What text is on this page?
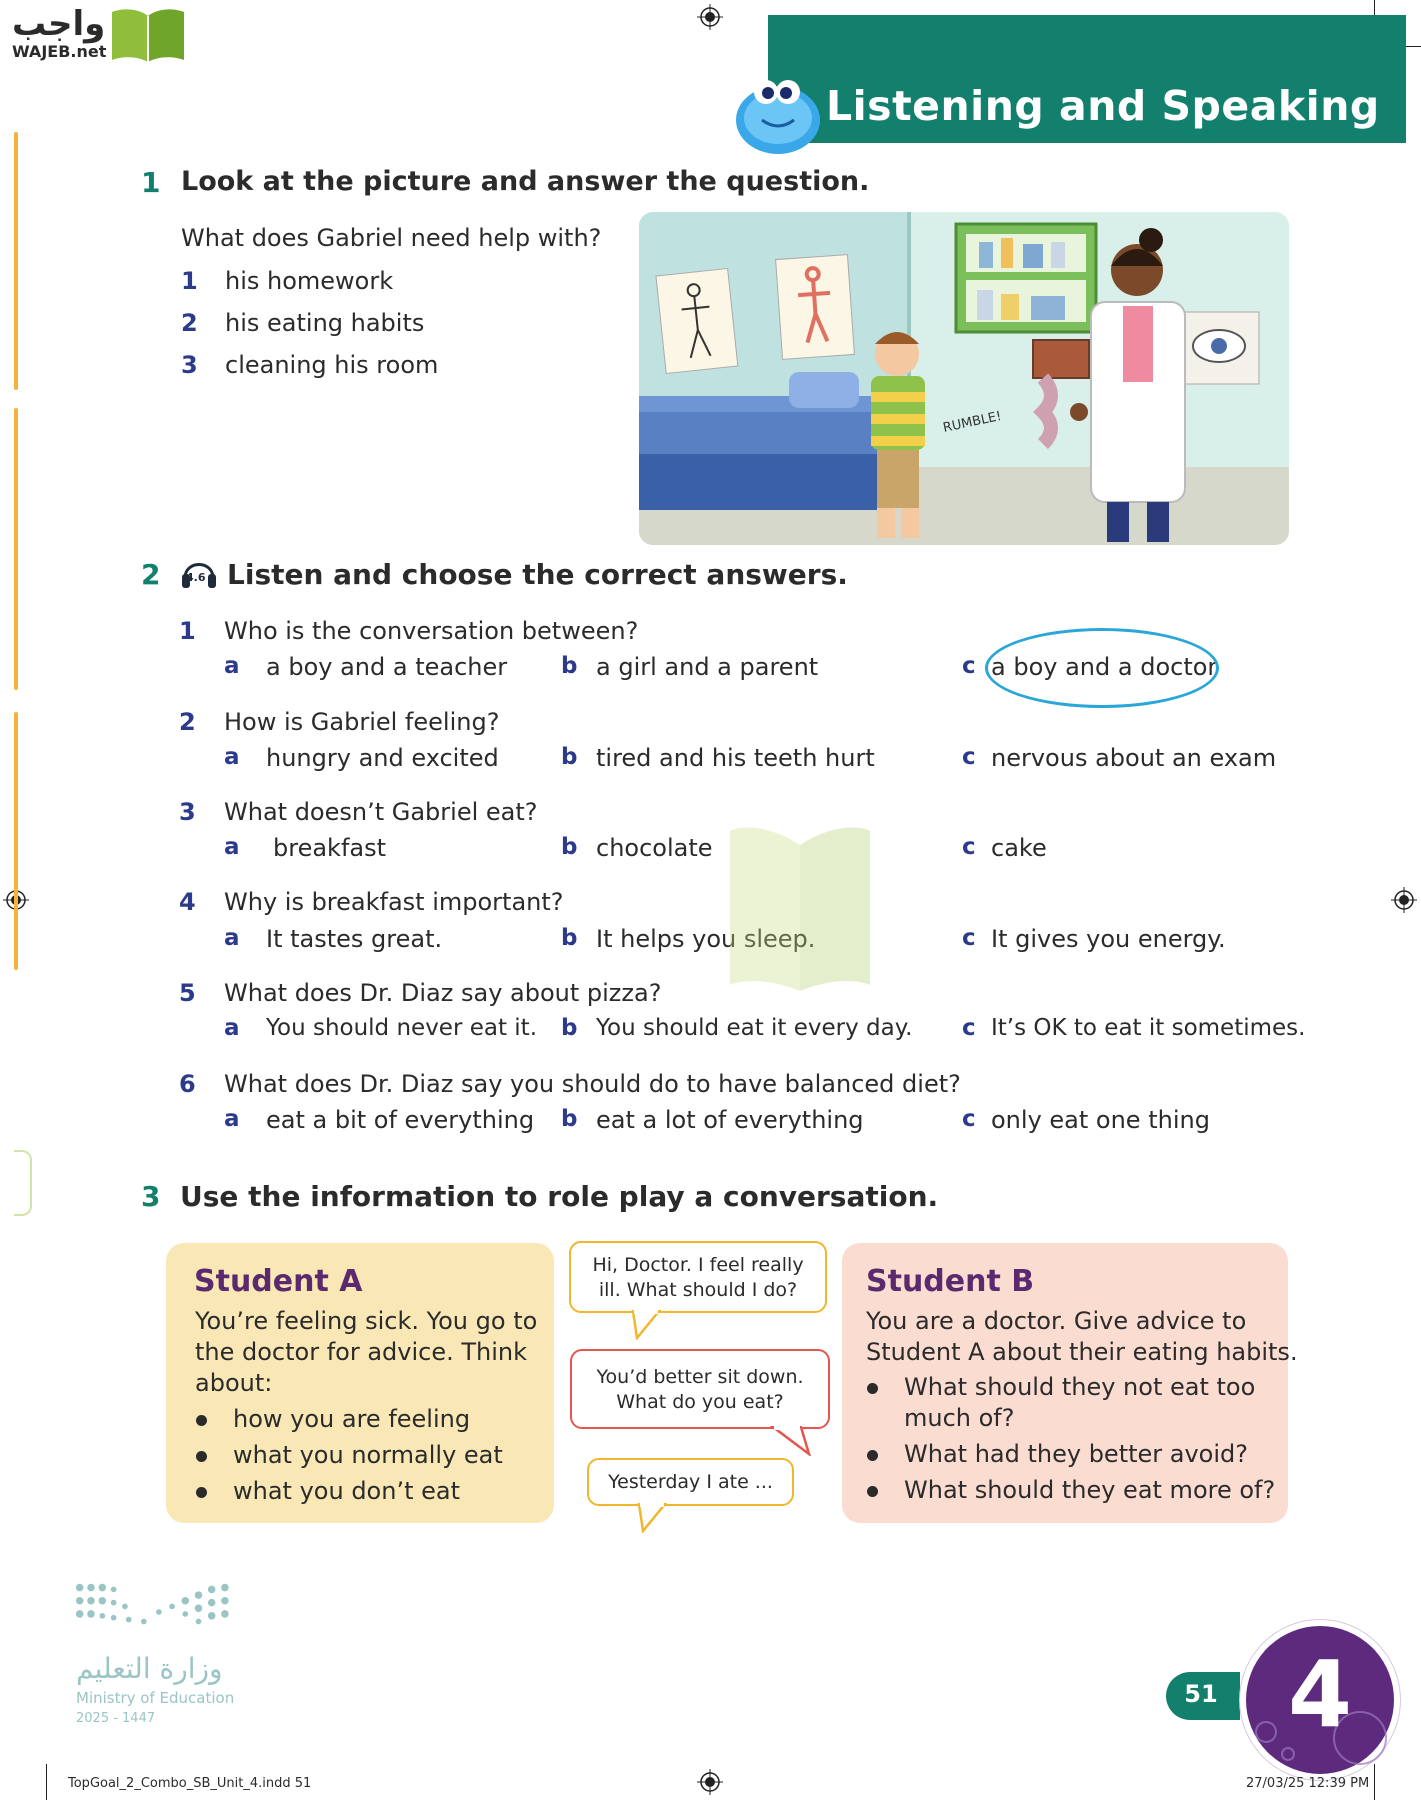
واجب
WAJEB.net
Listening and Speaking
1 Look at the picture and answer the question.
What does Gabriel need help with?
1 his homework
2 his eating habits
3 cleaning his room
RUMBLE!
2 4.6 Listen and choose the correct answers.
1 Who is the conversation between?
a a boy and a teacher b a girl and a parent	c a boy and a doctor
2 How is Gabriel feeling?
a hungry and excited	b tired and his teeth hurt	c nervous about an exam
3 What doesn’t Gabriel eat?
a breakfast	b chocolate	c cake
4 Why is breakfast important?
a It tastes great.	b It helps you sleep.	c It gives you energy.
5 What does Dr. Diaz say about pizza?
a You should never eat it. b You should eat it every day. c It’s OK to eat it sometimes.
6 What does Dr. Diaz say you should do to have balanced diet?
a eat a bit of everything b eat a lot of everything	c only eat one thing
3 Use the information to role play a conversation.
Student A
You’re feeling sick. You go to
the doctor for advice. Think
about:
how you are feeling
what you normally eat
what you don’t eat
Hi, Doctor. I feel really
ill. What should I do?
You’d better sit down.
What do you eat?
Yesterday I ate ...
Student B
You are a doctor. Give advice to
Student A about their eating habits.
What should they not eat too
much of?
What had they better avoid?
What should they eat more of?
وزارة التعليم
Ministry of Education
2025 - 1447
51 4
TopGoal_2_Combo_SB_Unit_4.indd 51	27/03/25 12:39 PM
